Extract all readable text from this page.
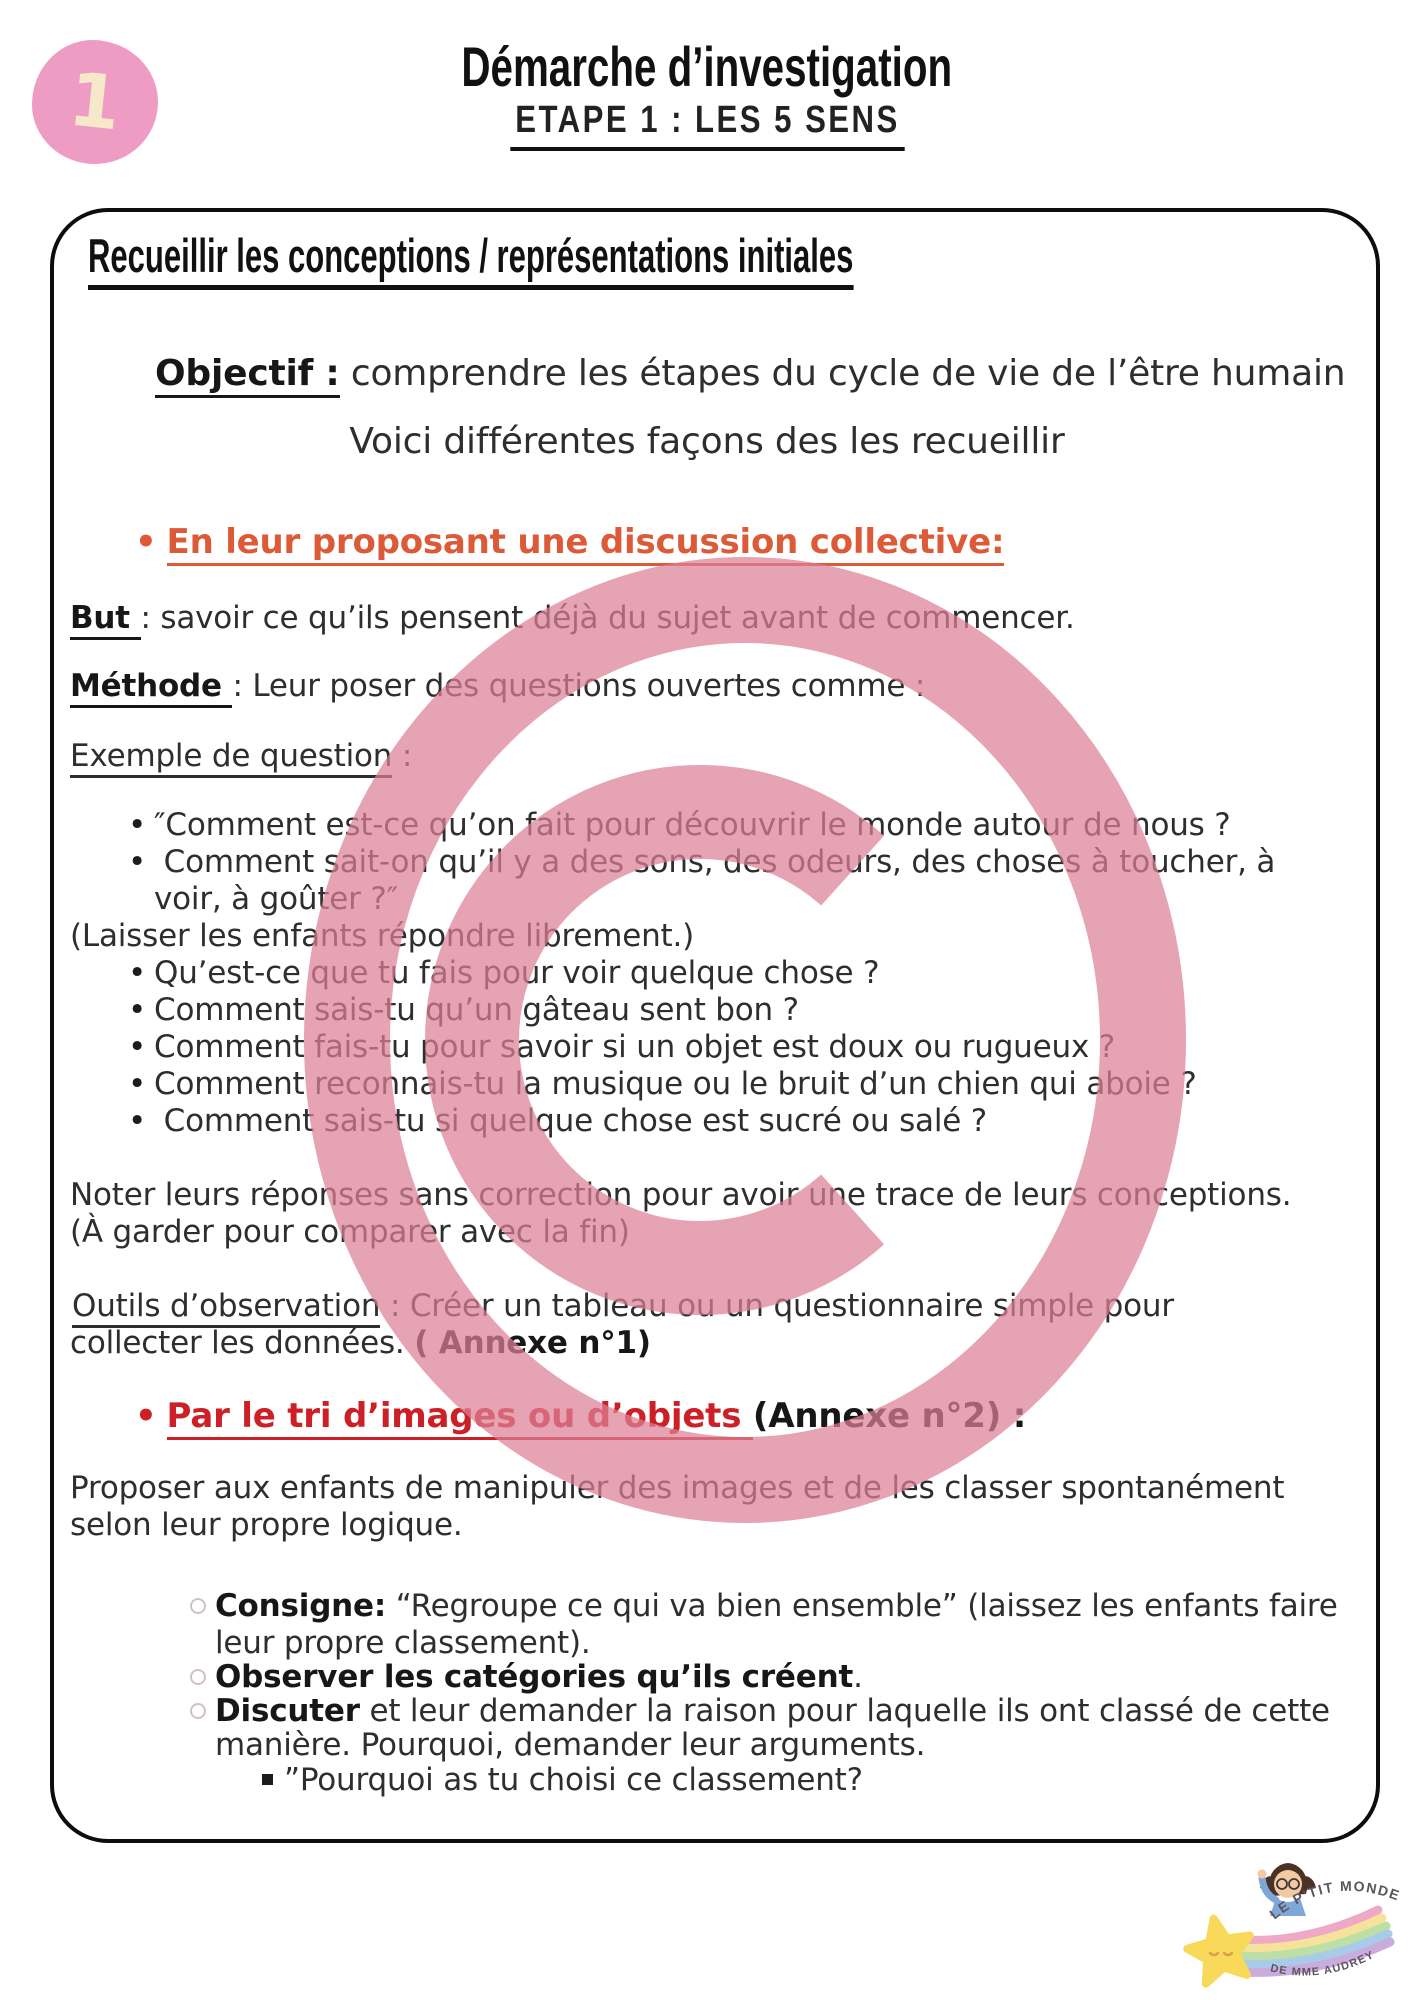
1	Démarche d’investigation
ETAPE 1 : LES 5 SENS
Recueillir les conceptions / représentations initiales
Objectif : comprendre les étapes du cycle de vie de l’être humain
Voici différentes façons des les recueillir
• En leur proposant une discussion collective:
But : savoir ce qu’ils pensent déjà du sujet avant de commencer.
Méthode : Leur poser des questions ouvertes comme :
Exemple de question :
• ″Comment est-ce qu’on fait pour découvrir le monde autour de nous ?
• Comment sait-on qu’il y a des sons, des odeurs, des choses à toucher, à
voir, à goûter ?″
(Laisser les enfants répondre librement.)
• Qu’est-ce que tu fais pour voir quelque chose ?
• Comment sais-tu qu’un gâteau sent bon ?
• Comment fais-tu pour savoir si un objet est doux ou rugueux ?
• Comment reconnais-tu la musique ou le bruit d’un chien qui aboie ?
• Comment sais-tu si quelque chose est sucré ou salé ?
Noter leurs réponses sans correction pour avoir une trace de leurs conceptions.
(À garder pour comparer avec la fin)
Outils d’observation : Créer un tableau ou un questionnaire simple pour
collecter les données. ( Annexe n°1)
• Par le tri d’images ou d’objets (Annexe n°2) :
Proposer aux enfants de manipuler des images et de les classer spontanément
selon leur propre logique.
Consigne: “Regroupe ce qui va bien ensemble” (laissez les enfants faire
leur propre classement).
Observer les catégories qu’ils créent.
Discuter et leur demander la raison pour laquelle ils ont classé de cette
manière. Pourquoi, demander leur arguments.
”Pourquoi as tu choisi ce classement?
LE P'TIT MONDE
DE MME AUDREY
